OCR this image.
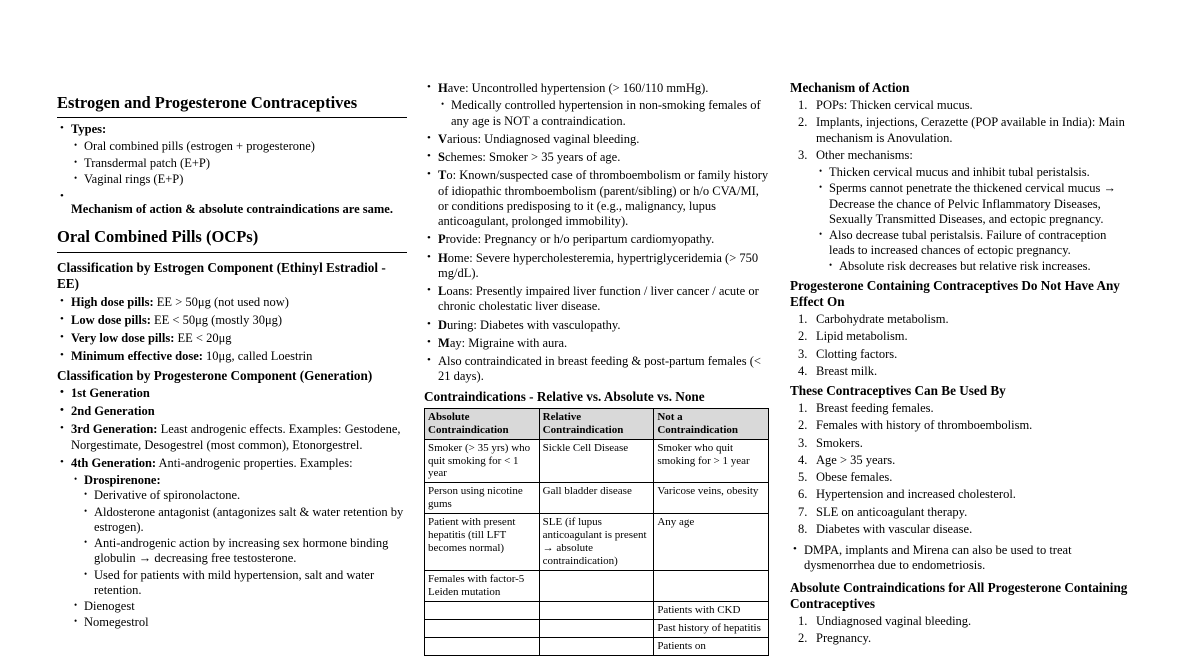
Estrogen and Progesterone Contraceptives
• Types:
• Oral combined pills (estrogen + progesterone)
• Transdermal patch (E+P)
• Vaginal rings (E+P)
• Mechanism of action & absolute contraindications are same.
Oral Combined Pills (OCPs)
Classification by Estrogen Component (Ethinyl Estradiol - EE)
• High dose pills: EE > 50μg (not used now)
• Low dose pills: EE < 50μg (mostly 30μg)
• Very low dose pills: EE < 20μg
• Minimum effective dose: 10μg, called Loestrin
Classification by Progesterone Component (Generation)
• 1st Generation
• 2nd Generation
• 3rd Generation: Least androgenic effects. Examples: Gestodene, Norgestimate, Desogestrel (most common), Etonorgestrel.
• 4th Generation: Anti-androgenic properties. Examples:
• Drospirenone:
• Derivative of spironolactone.
• Aldosterone antagonist (antagonizes salt & water retention by estrogen).
• Anti-androgenic action by increasing sex hormone binding globulin → decreasing free testosterone.
• Used for patients with mild hypertension, salt and water retention.
• Dienogest
• Nomegestrol
• Have: Uncontrolled hypertension (> 160/110 mmHg).
• Medically controlled hypertension in non-smoking females of any age is NOT a contraindication.
• Various: Undiagnosed vaginal bleeding.
• Schemes: Smoker > 35 years of age.
• To: Known/suspected case of thromboembolism or family history of idiopathic thromboembolism (parent/sibling) or h/o CVA/MI, or conditions predisposing to it (e.g., malignancy, lupus anticoagulant, prolonged immobility).
• Provide: Pregnancy or h/o peripartum cardiomyopathy.
• Home: Severe hypercholesteremia, hypertriglyceridemia (> 750 mg/dL).
• Loans: Presently impaired liver function / liver cancer / acute or chronic cholestatic liver disease.
• During: Diabetes with vasculopathy.
• May: Migraine with aura.
• Also contraindicated in breast feeding & post-partum females (< 21 days).
Contraindications - Relative vs. Absolute vs. None
Absolute Contraindication	Relative Contraindication	Not a Contraindication
Smoker (> 35 yrs) who quit smoking for < 1 year	Sickle Cell Disease	Smoker who quit smoking for > 1 year
Person using nicotine gums	Gall bladder disease	Varicose veins, obesity
Patient with present hepatitis (till LFT becomes normal)	SLE (if lupus anticoagulant is present → absolute contraindication)	Any age
Females with factor-5 Leiden mutation		
		Patients with CKD
		Past history of hepatitis
		Patients on
Mechanism of Action
1. POPs: Thicken cervical mucus.
2. Implants, injections, Cerazette (POP available in India): Main mechanism is Anovulation.
3. Other mechanisms:
• Thicken cervical mucus and inhibit tubal peristalsis.
• Sperms cannot penetrate the thickened cervical mucus → Decrease the chance of Pelvic Inflammatory Diseases, Sexually Transmitted Diseases, and ectopic pregnancy.
• Also decrease tubal peristalsis. Failure of contraception leads to increased chances of ectopic pregnancy.
• Absolute risk decreases but relative risk increases.
Progesterone Containing Contraceptives Do Not Have Any Effect On
1. Carbohydrate metabolism.
2. Lipid metabolism.
3. Clotting factors.
4. Breast milk.
These Contraceptives Can Be Used By
1. Breast feeding females.
2. Females with history of thromboembolism.
3. Smokers.
4. Age > 35 years.
5. Obese females.
6. Hypertension and increased cholesterol.
7. SLE on anticoagulant therapy.
8. Diabetes with vascular disease.
• DMPA, implants and Mirena can also be used to treat dysmenorrhea due to endometriosis.
Absolute Contraindications for All Progesterone Containing Contraceptives
1. Undiagnosed vaginal bleeding.
2. Pregnancy.
